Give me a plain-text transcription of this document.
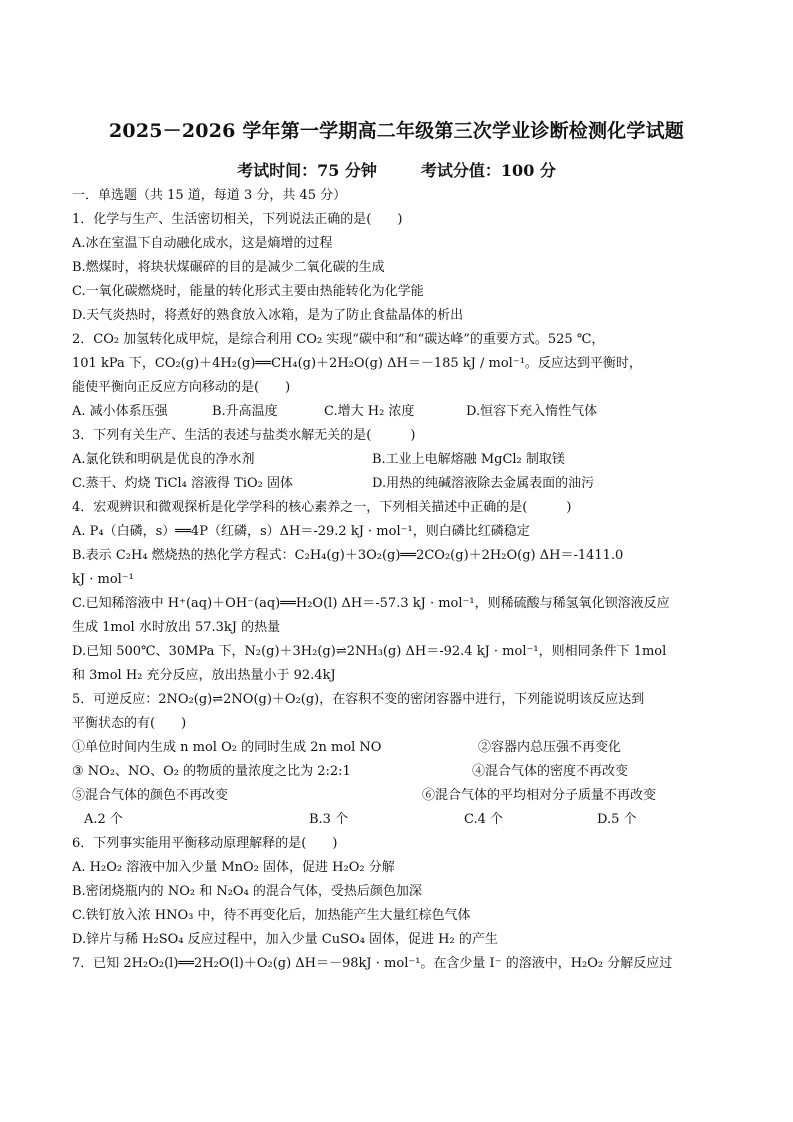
2025－2026 学年第一学期高二年级第三次学业诊断检测化学试题
考试时间：75 分钟	考试分值：100 分
一．单选题（共 15 道，每道 3 分，共 45 分）
1．化学与生产、生活密切相关，下列说法正确的是(　　)
A.冰在室温下自动融化成水，这是熵增的过程
B.燃煤时，将块状煤碾碎的目的是减少二氧化碳的生成
C.一氧化碳燃烧时，能量的转化形式主要由热能转化为化学能
D.天气炎热时，将煮好的熟食放入冰箱，是为了防止食盐晶体的析出
2．CO₂ 加氢转化成甲烷，是综合利用 CO₂ 实现“碳中和”和“碳达峰”的重要方式。525 ℃，
101 kPa 下，CO₂(g)＋4H₂(g)══CH₄(g)＋2H₂O(g) ΔH＝－185 kJ / mol⁻¹。反应达到平衡时，
能使平衡向正反应方向移动的是(　　)
A. 减小体系压强	B.升高温度	C.增大 H₂ 浓度	D.恒容下充入惰性气体
3．下列有关生产、生活的表述与盐类水解无关的是(　　　)
A.氯化铁和明矾是优良的净水剂	B.工业上电解熔融 MgCl₂ 制取镁
C.蒸干、灼烧 TiCl₄ 溶液得 TiO₂ 固体	D.用热的纯碱溶液除去金属表面的油污
4．宏观辨识和微观探析是化学学科的核心素养之一，下列相关描述中正确的是(　　　)
A. P₄（白磷，s）══4P（红磷，s）ΔH＝-29.2 kJ · mol⁻¹，则白磷比红磷稳定
B.表示 C₂H₄ 燃烧热的热化学方程式：C₂H₄(g)＋3O₂(g)══2CO₂(g)＋2H₂O(g) ΔH＝-1411.0
kJ · mol⁻¹
C.已知稀溶液中 H⁺(aq)＋OH⁻(aq)══H₂O(l) ΔH＝-57.3 kJ · mol⁻¹，则稀硫酸与稀氢氧化钡溶液反应
生成 1mol 水时放出 57.3kJ 的热量
D.已知 500℃、30MPa 下，N₂(g)＋3H₂(g)⇌2NH₃(g) ΔH＝-92.4 kJ · mol⁻¹，则相同条件下 1mol
和 3mol H₂ 充分反应，放出热量小于 92.4kJ
5．可逆反应：2NO₂(g)⇌2NO(g)＋O₂(g)，在容积不变的密闭容器中进行，下列能说明该反应达到
平衡状态的有(　　)
①单位时间内生成 n mol O₂ 的同时生成 2n mol NO	②容器内总压强不再变化
③ NO₂、NO、O₂ 的物质的量浓度之比为 2:2:1	④混合气体的密度不再改变
⑤混合气体的颜色不再改变	⑥混合气体的平均相对分子质量不再改变
A.2 个	B.3 个	C.4 个	D.5 个
6．下列事实能用平衡移动原理解释的是(　　)
A. H₂O₂ 溶液中加入少量 MnO₂ 固体，促进 H₂O₂ 分解
B.密闭烧瓶内的 NO₂ 和 N₂O₄ 的混合气体，受热后颜色加深
C.铁钉放入浓 HNO₃ 中，待不再变化后，加热能产生大量红棕色气体
D.锌片与稀 H₂SO₄ 反应过程中，加入少量 CuSO₄ 固体，促进 H₂ 的产生
7．已知 2H₂O₂(l)══2H₂O(l)＋O₂(g) ΔH＝－98kJ · mol⁻¹。在含少量 I⁻ 的溶液中，H₂O₂ 分解反应过
